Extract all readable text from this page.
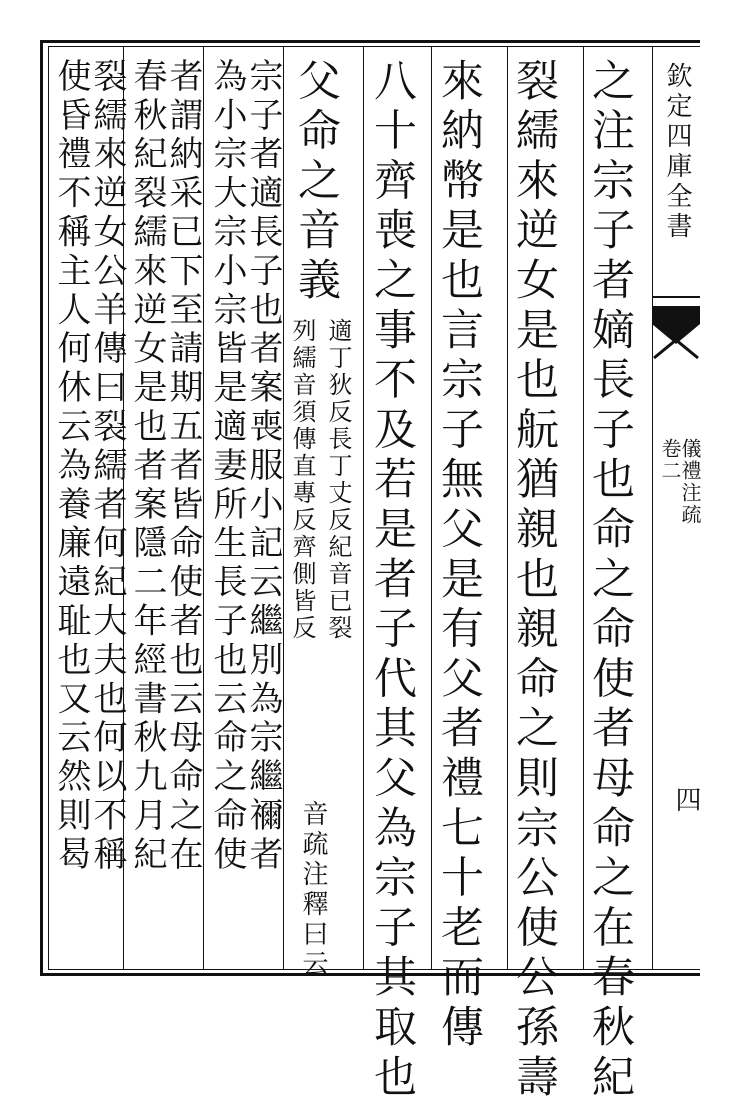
欽定四庫全書
儀禮注疏
卷二
四
之注宗子者嫡長子也命之命使者母命之在春秋紀
裂繻來逆女是也𦨞猶親也親命之則宗公使公孫壽
來納幣是也言宗子無父是有父者禮七十老而傳
八十齊喪之事不及若是者子代其父為宗子其取也
父命之音義
適丁狄反長丁丈反紀音已裂
列繻音須傳直專反齊側皆反
音疏注釋曰云
宗子者適長子也者案喪服小記云繼別為宗繼禰者
為小宗大宗小宗皆是適妻所生長子也云命之命使
者謂納采已下至請期五者皆命使者也云母命之在
春秋紀裂繻來逆女是也者案隱二年經書秋九月紀
裂繻來逆女公羊傳曰裂繻者何紀大夫也何以不稱
使昏禮不稱主人何休云為養廉遠耻也又云然則曷
